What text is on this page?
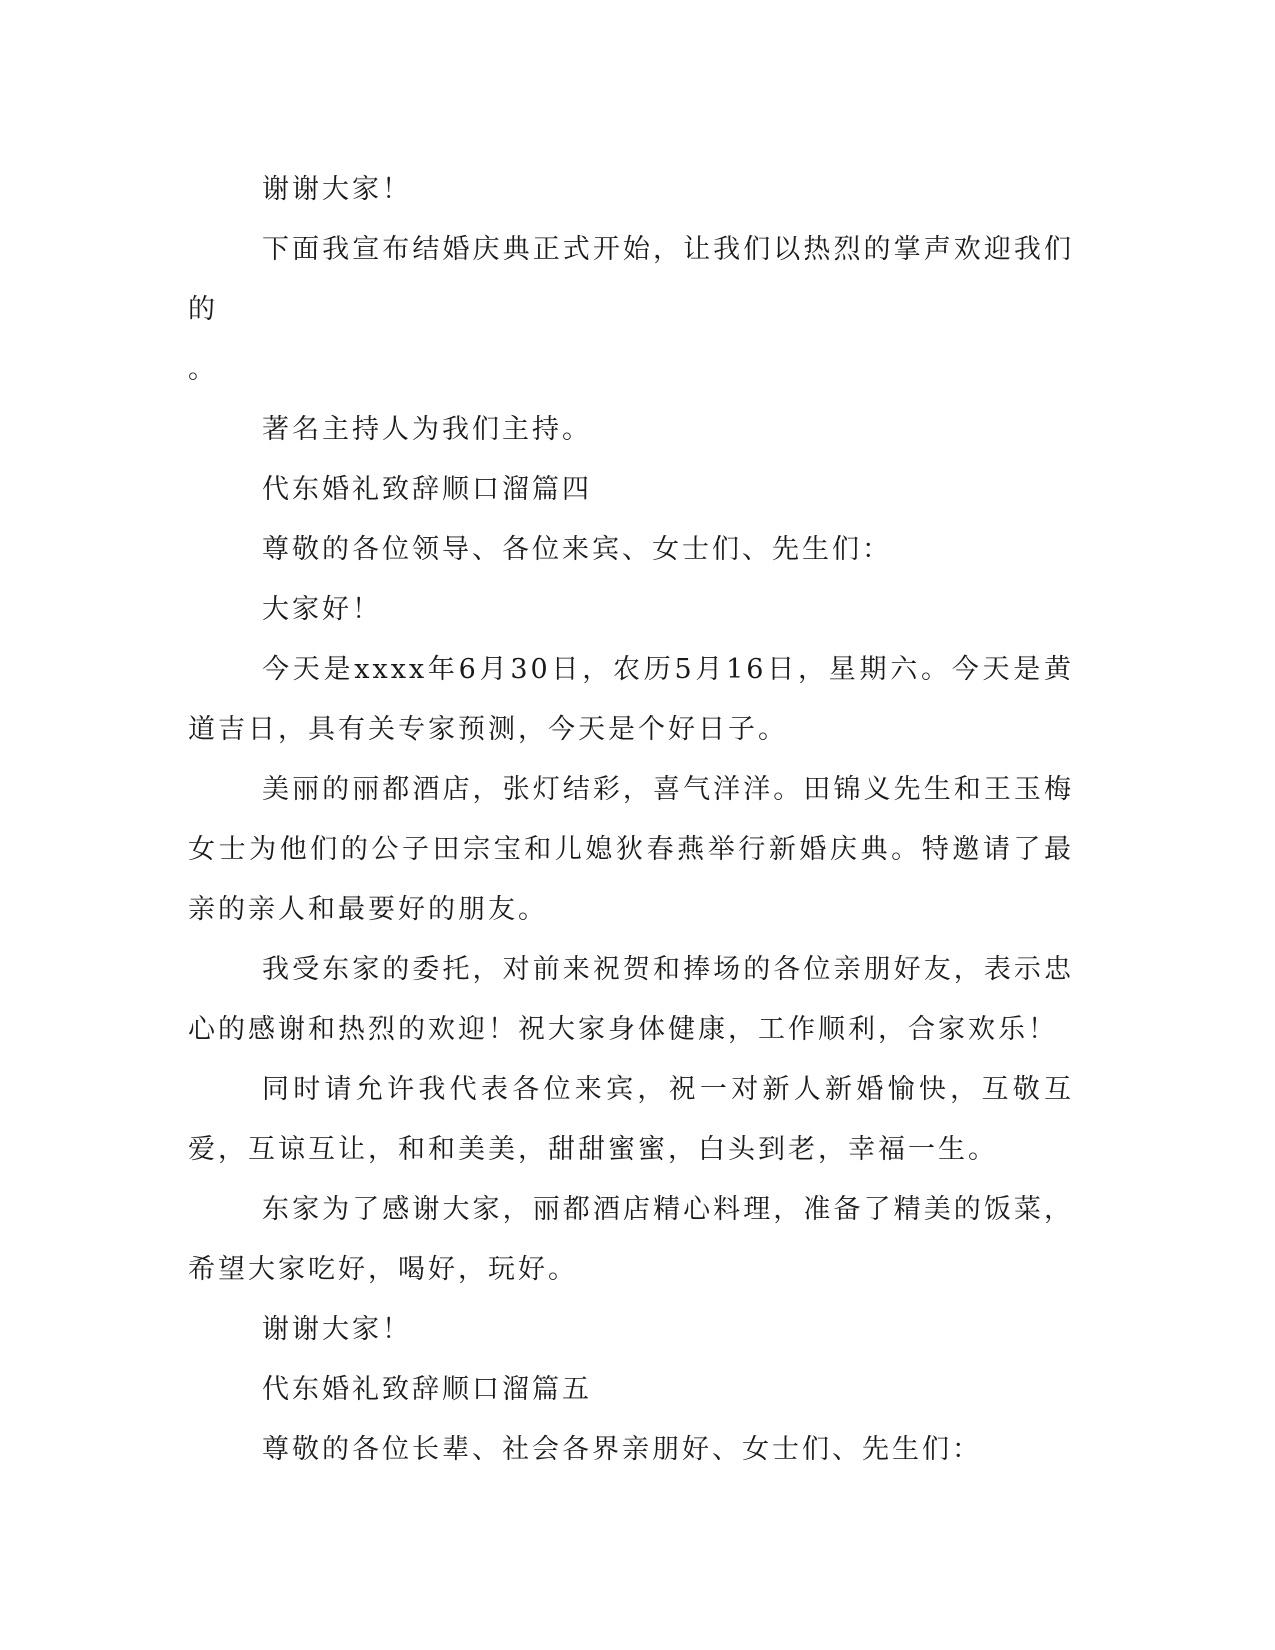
谢谢大家！

下面我宣布结婚庆典正式开始，让我们以热烈的掌声欢迎我们的

。

著名主持人为我们主持。

代东婚礼致辞顺口溜篇四

尊敬的各位领导、各位来宾、女士们、先生们：

大家好！

今天是xxxx年6月30日，农历5月16日，星期六。今天是黄道吉日，具有关专家预测，今天是个好日子。

美丽的丽都酒店，张灯结彩，喜气洋洋。田锦义先生和王玉梅女士为他们的公子田宗宝和儿媳狄春燕举行新婚庆典。特邀请了最亲的亲人和最要好的朋友。

我受东家的委托，对前来祝贺和捧场的各位亲朋好友，表示忠心的感谢和热烈的欢迎！祝大家身体健康，工作顺利，合家欢乐！

同时请允许我代表各位来宾，祝一对新人新婚愉快，互敬互爱，互谅互让，和和美美，甜甜蜜蜜，白头到老，幸福一生。

东家为了感谢大家，丽都酒店精心料理，准备了精美的饭菜，希望大家吃好，喝好，玩好。

谢谢大家！

代东婚礼致辞顺口溜篇五

尊敬的各位长辈、社会各界亲朋好、女士们、先生们：
